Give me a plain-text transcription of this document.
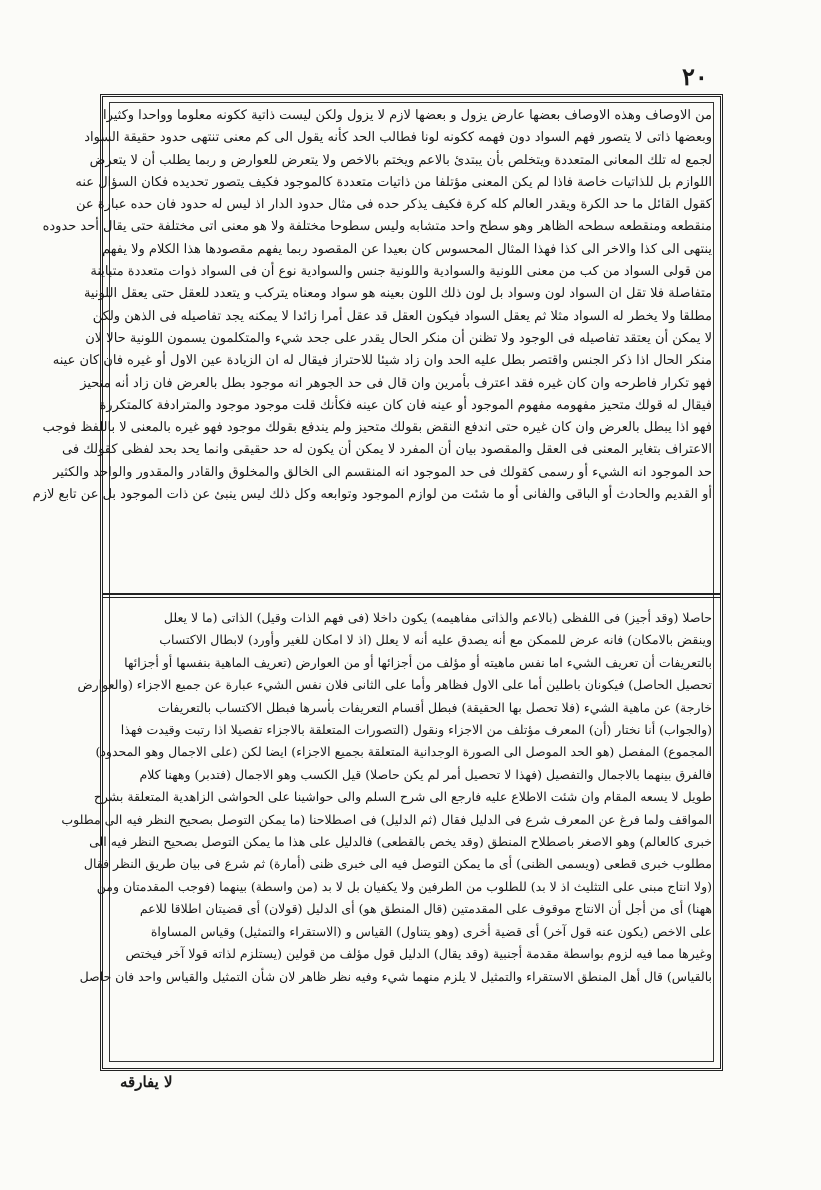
٢٠
من الاوصاف وهذه الاوصاف بعضها عارض يزول و بعضها لازم لا يزول ولكن ليست ذاتية ككونه معلوما وواحدا وكثيرا
وبعضها ذاتى لا يتصور فهم السواد دون فهمه ككونه لونا فطالب الحد كأنه يقول الى كم معنى تنتهى حدود حقيقة السواد
لجمع له تلك المعانى المتعددة ويتخلص بأن يبتدئ بالاعم ويختم بالاخص ولا يتعرض للعوارض و ربما يطلب أن لا يتعرض
اللوازم بل للذاتيات خاصة فاذا لم يكن المعنى مؤتلفا من ذاتيات متعددة كالموجود فكيف يتصور تحديده فكان السؤال عنه
كقول القائل ما حد الكرة ويقدر العالم كله كرة فكيف يذكر حده فى مثال حدود الدار اذ ليس له حدود فان حده عبارة عن
منقطعه ومنقطعه سطحه الظاهر وهو سطح واحد متشابه وليس سطوحا مختلفة ولا هو معنى اتى مختلفة حتى يقال أحد حدوده
ينتهى الى كذا والاخر الى كذا فهذا المثال المحسوس كان بعيدا عن المقصود ربما يفهم مقصودها هذا الكلام ولا يفهم
من قولى السواد من كب من معنى اللونية والسوادية واللونية جنس والسوادية نوع أن فى السواد ذوات متعددة متباينة
متفاصلة فلا تقل ان السواد لون وسواد بل لون ذلك اللون بعينه هو سواد ومعناه يتركب و يتعدد للعقل حتى يعقل اللونية
مطلقا ولا يخطر له السواد مثلا ثم يعقل السواد فيكون العقل قد عقل أمرا زائدا لا يمكنه يجد تفاصيله فى الذهن ولكن
لا يمكن أن يعتقد تفاصيله فى الوجود ولا تظنن أن منكر الحال يقدر على جحد شيء والمتكلمون يسمون اللونية حالا لان
منكر الحال اذا ذكر الجنس واقتصر بطل عليه الحد وان زاد شيئا للاحتراز فيقال له ان الزيادة عين الاول أو غيره فان كان عينه
فهو تكرار فاطرحه وان كان غيره فقد اعترف بأمرين وان قال فى حد الجوهر انه موجود بطل بالعرض فان زاد أنه متحيز
فيقال له قولك متحيز مفهومه مفهوم الموجود أو عينه فان كان عينه فكأنك قلت موجود موجود والمترادفة كالمتكررة
فهو اذا يبطل بالعرض وان كان غيره حتى اندفع النقض بقولك متحيز ولم يندفع بقولك موجود فهو غيره بالمعنى لا باللفظ فوجب
الاعتراف بتغاير المعنى فى العقل والمقصود بيان أن المفرد لا يمكن أن يكون له حد حقيقى وانما يحد بحد لفظى كقولك فى
حد الموجود انه الشيء أو رسمى كقولك فى حد الموجود انه المنقسم الى الخالق والمخلوق والقادر والمقدور والواحد والكثير
أو القديم والحادث أو الباقى والفانى أو ما شئت من لوازم الموجود وتوابعه وكل ذلك ليس ينبئ عن ذات الموجود بل عن تابع لازم
حاصلا (وقد أجيز) فى اللفظى (بالاعم والذاتى مفاهيمه) يكون داخلا (فى فهم الذات وقيل) الذاتى (ما لا يعلل
وينقض بالامكان) فانه عرض للممكن مع أنه يصدق عليه أنه لا يعلل (اذ لا امكان للغير وأورد) لابطال الاكتساب
بالتعريفات أن تعريف الشيء اما نفس ماهيته أو مؤلف من أجزائها أو من العوارض (تعريف الماهية بنفسها أو أجزائها
تحصيل الحاصل) فيكونان باطلين أما على الاول فظاهر وأما على الثانى فلان نفس الشيء عبارة عن جميع الاجزاء (والعوارض
خارجة) عن ماهية الشيء (فلا تحصل بها الحقيقة) فبطل أقسام التعريفات بأسرها فبطل الاكتساب بالتعريفات
(والجواب) أنا نختار (أن) المعرف مؤتلف من الاجزاء ونقول (التصورات المتعلقة بالاجزاء تفصيلا اذا رتبت وقيدت فهذا
المجموع) المفصل (هو الحد الموصل الى الصورة الوجدانية المتعلقة بجميع الاجزاء) ايضا لكن (على الاجمال وهو المحدود)
فالفرق بينهما بالاجمال والتفصيل (فهذا لا تحصيل أمر لم يكن حاصلا) قيل الكسب وهو الاجمال (فتدبر) وههنا كلام
طويل لا يسعه المقام وان شئت الاطلاع عليه فارجع الى شرح السلم والى حواشينا على الحواشى الزاهدية المتعلقة بشرح
المواقف ولما فرغ عن المعرف شرع فى الدليل فقال (ثم الدليل) فى اصطلاحنا (ما يمكن التوصل بصحيح النظر فيه الى مطلوب
خبرى كالعالم) وهو الاصغر باصطلاح المنطق (وقد يخص بالقطعى) فالدليل على هذا ما يمكن التوصل بصحيح النظر فيه الى
مطلوب خبرى قطعى (ويسمى الظنى) أى ما يمكن التوصل فيه الى خبرى ظنى (أمارة) ثم شرع فى بيان طريق النظر فقال
(ولا انتاج مبنى على التثليث اذ لا بد) للطلوب من الطرفين ولا يكفيان بل لا بد (من واسطة) بينهما (فوجب المقدمتان ومن
ههنا) أى من أجل أن الانتاج موقوف على المقدمتين (قال المنطق هو) أى الدليل (قولان) أى قضيتان اطلاقا للاعم
على الاخص (يكون عنه قول آخر) أى قضية أخرى (وهو يتناول) القياس و (الاستقراء والتمثيل) وقياس المساواة
وغيرها مما فيه لزوم بواسطة مقدمة أجنبية (وقد يقال) الدليل قول مؤلف من قولين (يستلزم لذاته قولا آخر فيختص
بالقياس) قال أهل المنطق الاستقراء والتمثيل لا يلزم منهما شيء وفيه نظر ظاهر لان شأن التمثيل والقياس واحد فان حاصل
لا يفارقه
